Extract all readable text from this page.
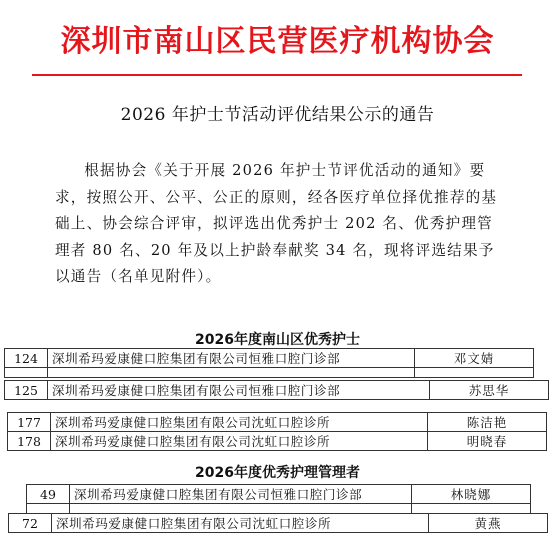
深圳市南山区民营医疗机构协会
2026 年护士节活动评优结果公示的通告

根据协会《关于开展 2026 年护士节评优活动的通知》要求，按照公开、公平、公正的原则，经各医疗单位择优推荐的基础上、协会综合评审，拟评选出优秀护士 202 名、优秀护理管理者 80 名、20 年及以上护龄奉献奖 34 名，现将评选结果予以通告（名单见附件）。

2026年度南山区优秀护士
124	深圳希玛爱康健口腔集团有限公司恒雅口腔门诊部	邓文婧

125	深圳希玛爱康健口腔集团有限公司恒雅口腔门诊部	苏思华
177	深圳希玛爱康健口腔集团有限公司沈虹口腔诊所	陈洁艳
178	深圳希玛爱康健口腔集团有限公司沈虹口腔诊所	明晓春
2026年度优秀护理管理者
49	深圳希玛爱康健口腔集团有限公司恒雅口腔门诊部	林晓娜

72	深圳希玛爱康健口腔集团有限公司沈虹口腔诊所	黄燕
